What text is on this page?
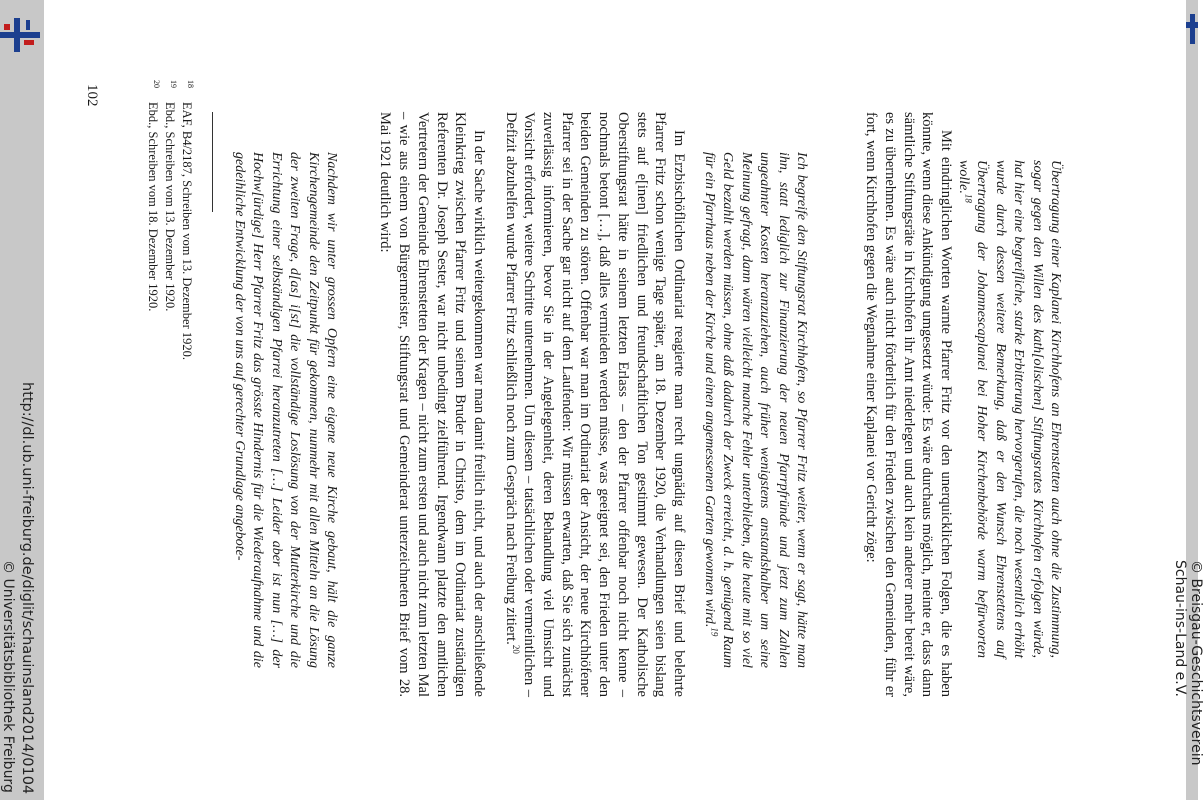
Übertragung einer Kaplanei Kirchhofens an Ehrenstetten auch ohne die Zustimmung, sogar gegen den Willen des kath[olischen] Stiftungsrates Kirchhofen erfolgen würde, hat hier eine begreifliche, starke Erbitterung hervorgerufen, die noch wesentlich erhöht wurde durch dessen weitere Bemerkung, daß er den Wunsch Ehrenstettens auf Übertragung der Johannescaplanei bei Hoher Kirchenbehörde warm befürworten wolle.$^{18}$

Mit eindringlichen Worten warnte Pfarrer Fritz vor den unerquicklichen Folgen, die es haben könnte, wenn diese Ankündigung umgesetzt würde: Es wäre durchaus möglich, meinte er, dass dann sämtliche Stiftungsräte in Kirchhofen ihr Amt niederlegen und auch kein anderer mehr bereit wäre, es zu übernehmen. Es wäre auch nicht förderlich für den Frieden zwischen den Gemeinden, führ er fort, wenn Kirchhofen gegen die Wegnahme einer Kaplanei vor Gericht zöge:

Ich begreife den Stiftungsrat Kirchhofen, so Pfarrer Fritz weiter, wenn er sagt, hätte man ihn, statt lediglich zur Finanzierung der neuen Pfarrpfründe und jetzt zum Zahlen ungeahnter Kosten heranzuziehen, auch früher wenigstens anstandshalber um seine Meinung gefragt, dann wären vielleicht manche Fehler unterblieben, die heute mit so viel Geld bezahlt werden müssen, ohne daß dadurch der Zweck erreicht, d. h. genügend Raum für ein Pfarrhaus neben der Kirche und einen angemessenen Garten gewonnen wird.$^{19}$

Im Erzbischöflichen Ordinariat reagierte man recht ungnädig auf diesen Brief und belehrte Pfarrer Fritz schon wenige Tage später, am 18. Dezember 1920, die Verhandlungen seien bislang stets auf e[inen] friedlichen und freundschaftlichen Ton gestimmt gewesen. Der Katholische Oberstiftungsrat hätte in seinem letzten Erlass – den der Pfarrer offenbar noch nicht kenne – nochmals betont […], daß alles vermieden werden müsse, was geeignet sei, den Frieden unter den beiden Gemeinden zu stören. Offenbar war man im Ordinariat der Ansicht, der neue Kirchhöfener Pfarrer sei in der Sache gar nicht auf dem Laufenden: Wir müssen erwarten, daß Sie sich zunächst zuverlässig informieren, bevor Sie in der Angelegenheit, deren Behandlung viel Umsicht und Vorsicht erfordert, weitere Schritte unternehmen. Um diesem – tatsächlichen oder vermeintlichen – Defizit abzuhelfen wurde Pfarrer Fritz schließlich noch zum Gespräch nach Freiburg zitiert.$^{20}$

In der Sache wirklich weitergekommen war man damit freilich nicht, und auch der anschließende Kleinkrieg zwischen Pfarrer Fritz und seinem Bruder in Christo, dem im Ordinariat zuständigen Referenten Dr. Joseph Sester, war nicht unbedingt zielführend. Irgendwann platzte den amtlichen Vertretern der Gemeinde Ehrenstetten der Kragen – nicht zum ersten und auch nicht zum letzten Mal – wie aus einem von Bürgermeister, Stiftungsrat und Gemeinderat unterzeichneten Brief vom 28. Mai 1921 deutlich wird:

Nachdem wir unter grossen Opfern eine eigene neue Kirche gebaut, hält die ganze Kirchengemeinde den Zeitpunkt für gekommen, nunmehr mit allen Mitteln an die Lösung der zweiten Frage, d[as] i[st] die vollständige Loslösung von der Mutterkirche und die Errichtung einer selbständigen Pfarrei heranzutreten […] Leider aber ist nun […] der Hochw[ürdige] Herr Pfarrer Fritz das grösste Hindernis für die Wiederaufnahme und die gedeihliche Entwicklung der von uns auf gerechter Grundlage angebote-

18EAF, B4/2187, Schreiben vom 13. Dezember 1920.
19Ebd., Schreiben vom 13. Dezember 1920.
20Ebd., Schreiben vom 18. Dezember 1920.
102
http://dl.ub.uni-freiburg.de/diglit/schauinsland2014/0104
© Universitätsbibliothek Freiburg	© Breisgau-Geschichtsverein Schau-ins-Land e.V.
